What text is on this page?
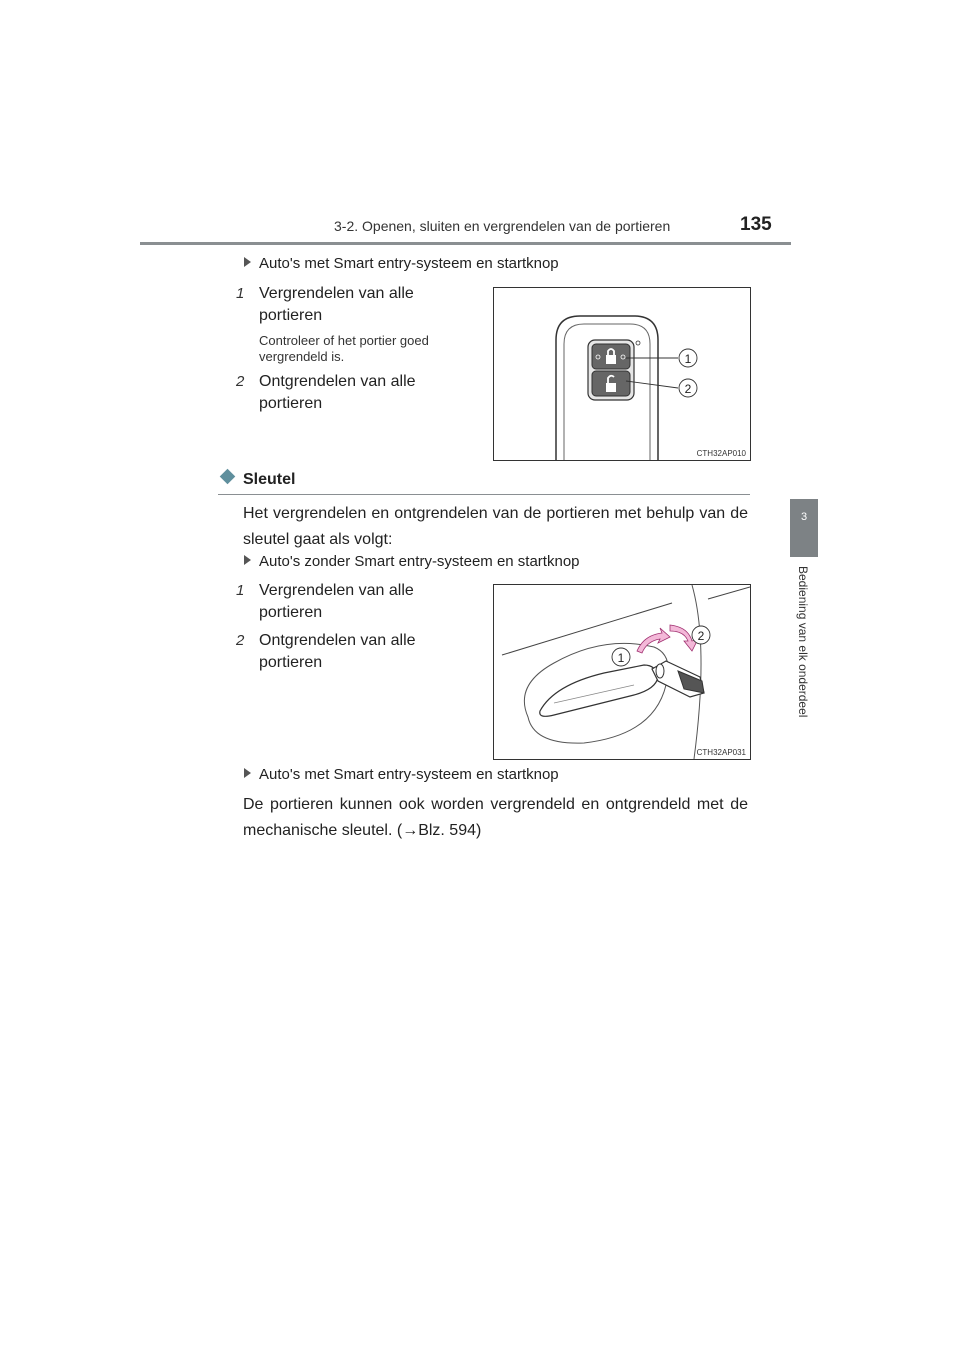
3-2. Openen, sluiten en vergrendelen van de portieren	135
3
Bediening van elk onderdeel
Auto's met Smart entry-systeem en startknop
1 Vergrendelen van alle portieren
Controleer of het portier goed vergrendeld is.
2 Ontgrendelen van alle portieren
1
2
CTH32AP010
Sleutel
Het vergrendelen en ontgrendelen van de portieren met behulp van de sleutel gaat als volgt:
Auto's zonder Smart entry-systeem en startknop
1 Vergrendelen van alle portieren
2 Ontgrendelen van alle portieren	1
2
CTH32AP031
Auto's met Smart entry-systeem en startknop
De portieren kunnen ook worden vergrendeld en ontgrendeld met de mechanische sleutel. (→Blz. 594)
